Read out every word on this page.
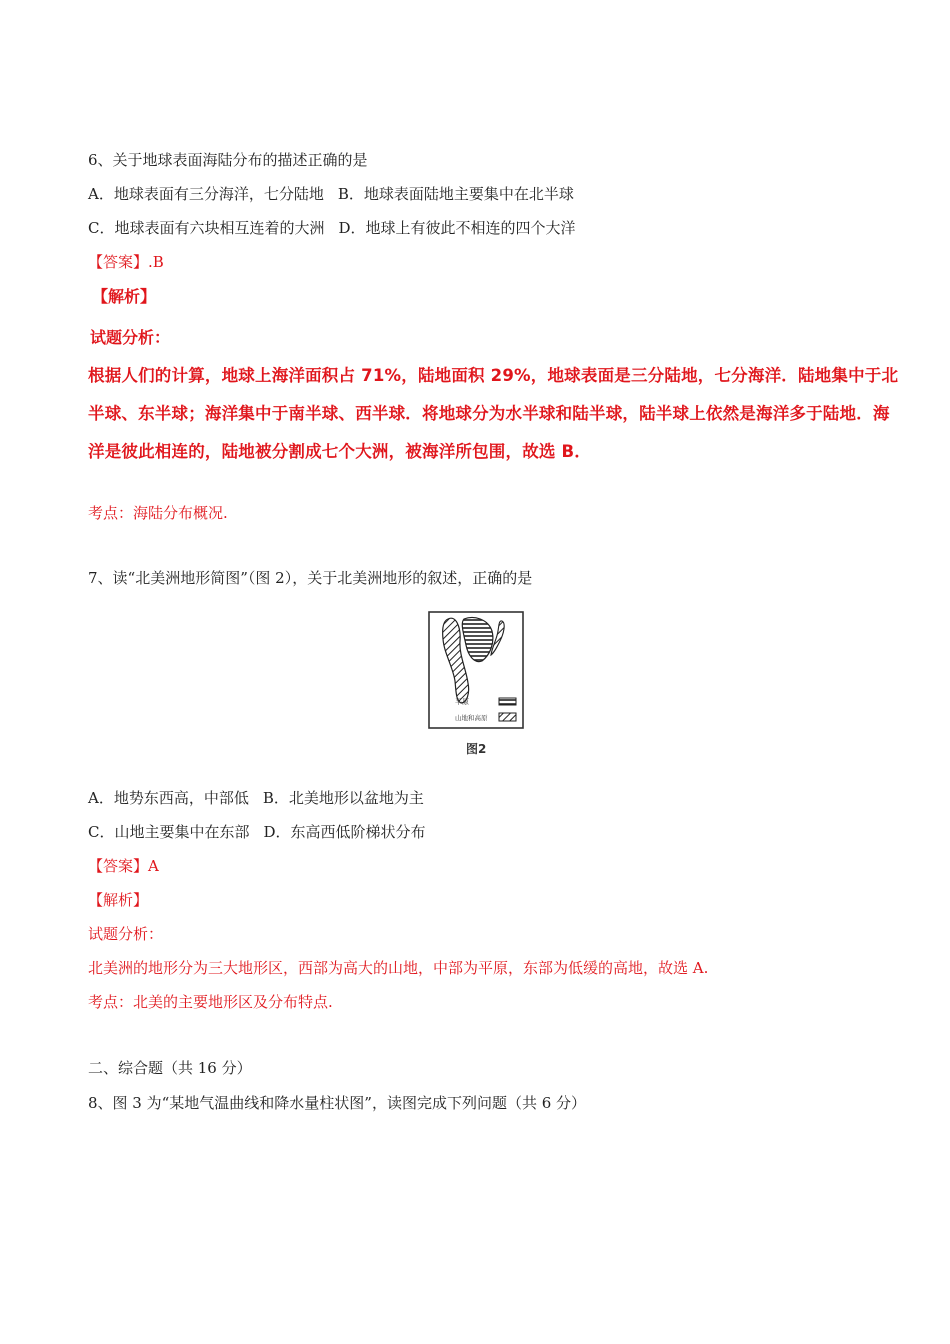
6、关于地球表面海陆分布的描述正确的是
A．地球表面有三分海洋，七分陆地 B．地球表面陆地主要集中在北半球
C．地球表面有六块相互连着的大洲 D．地球上有彼此不相连的四个大洋
【答案】.B
【解析】
试题分析：
根据人们的计算，地球上海洋面积占 71%，陆地面积 29%，地球表面是三分陆地，七分海洋．陆地集中于北
半球、东半球；海洋集中于南半球、西半球．将地球分为水半球和陆半球，陆半球上依然是海洋多于陆地．海
洋是彼此相连的，陆地被分割成七个大洲，被海洋所包围，故选 B．
考点：海陆分布概况.
7、读“北美洲地形简图”（图 2），关于北美洲地形的叙述，正确的是
平原
山地和高原
图2
A．地势东西高，中部低 B．北美地形以盆地为主
C．山地主要集中在东部 D．东高西低阶梯状分布
【答案】A
【解析】
试题分析：
北美洲的地形分为三大地形区，西部为高大的山地，中部为平原，东部为低缓的高地，故选 A.
考点：北美的主要地形区及分布特点.
二、综合题（共 16 分）
8、图 3 为“某地气温曲线和降水量柱状图”，读图完成下列问题（共 6 分）
